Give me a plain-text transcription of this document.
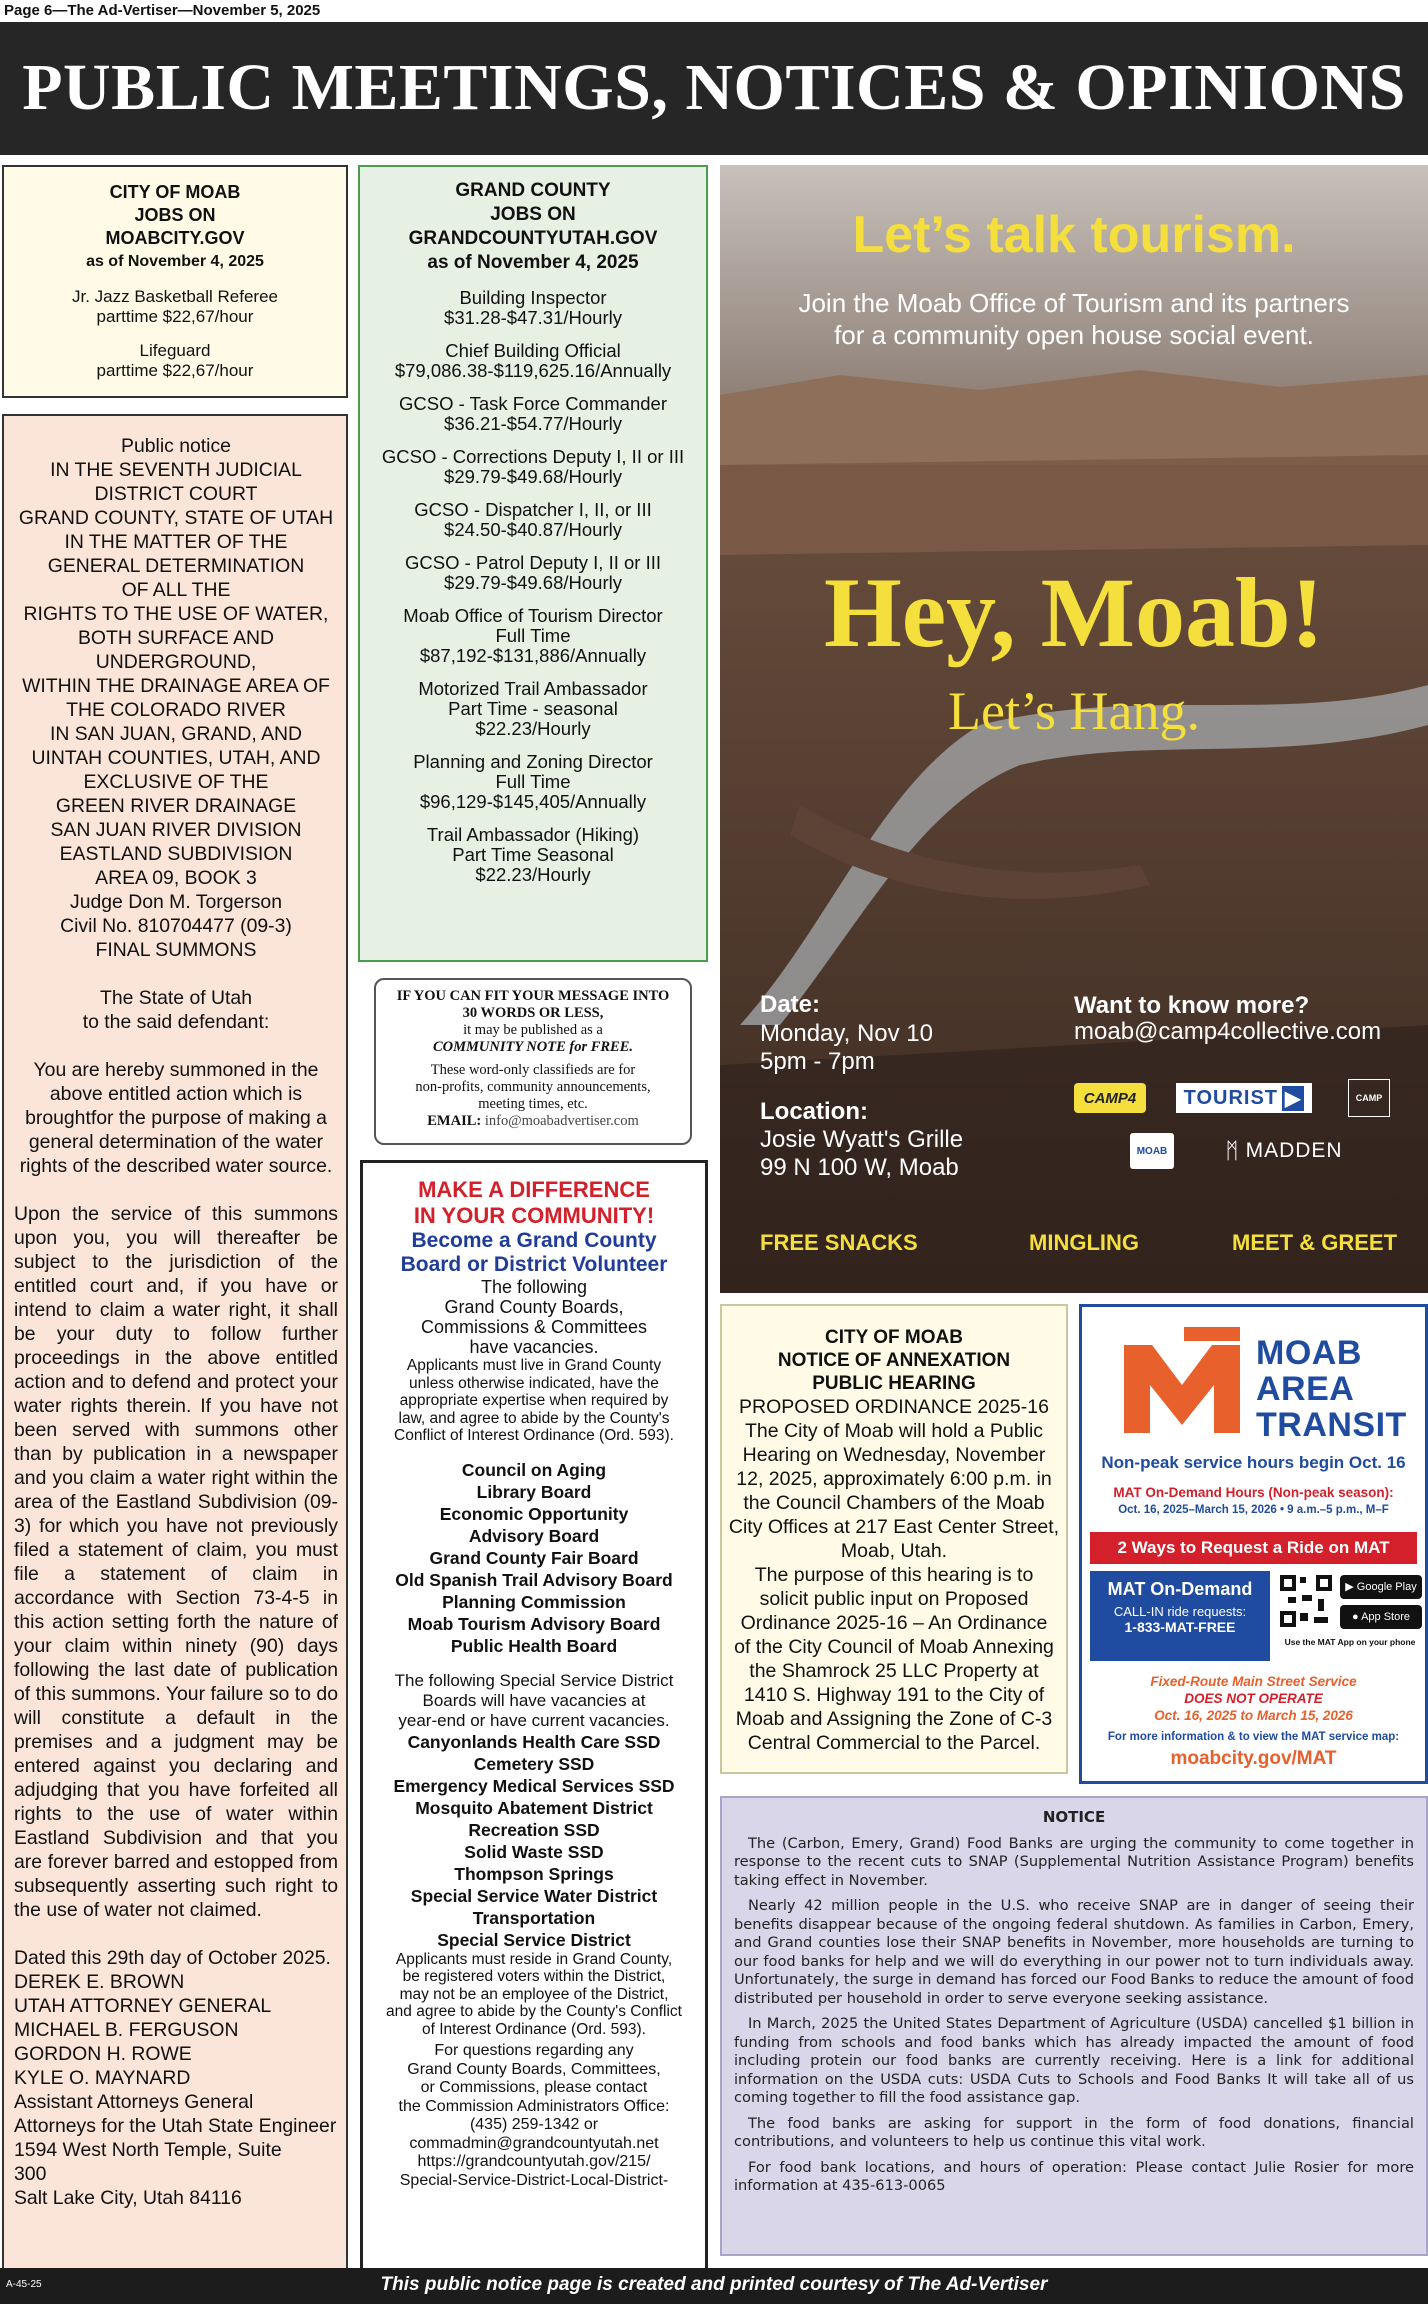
Page 6—The Ad-Vertiser—November 5, 2025
PUBLIC MEETINGS, NOTICES & OPINIONS
CITY OF MOAB
JOBS ON
MOABCITY.GOV
as of November 4, 2025
Jr. Jazz Basketball Referee
parttime $22,67/hour
Lifeguard
parttime $22,67/hour
Public notice
IN THE SEVENTH JUDICIAL
DISTRICT COURT
GRAND COUNTY, STATE OF UTAH
IN THE MATTER OF THE
GENERAL DETERMINATION
OF ALL THE
RIGHTS TO THE USE OF WATER,
BOTH SURFACE AND
UNDERGROUND,
WITHIN THE DRAINAGE AREA OF
THE COLORADO RIVER
IN SAN JUAN, GRAND, AND
UINTAH COUNTIES, UTAH, AND
EXCLUSIVE OF THE
GREEN RIVER DRAINAGE
SAN JUAN RIVER DIVISION
EASTLAND SUBDIVISION
AREA 09, BOOK 3
Judge Don M. Torgerson
Civil No. 810704477 (09-3)
FINAL SUMMONS
The State of Utah
to the said defendant:
You are hereby summoned in the above entitled action which is broughtfor the purpose of making a general determination of the water rights of the described water source.
Upon the service of this summons upon you, you will thereafter be subject to the jurisdiction of the entitled court and, if you have or intend to claim a water right, it shall be your duty to follow further proceedings in the above entitled action and to defend and protect your water rights therein. If you have not been served with summons other than by publication in a newspaper and you claim a water right within the area of the Eastland Subdivision (09-3) for which you have not previously filed a statement of claim, you must file a statement of claim in accordance with Section 73-4-5 in this action setting forth the nature of your claim within ninety (90) days following the last date of publication of this summons. Your failure so to do will constitute a default in the premises and a judgment may be entered against you declaring and adjudging that you have forfeited all rights to the use of water within Eastland Subdivision and that you are forever barred and estopped from subsequently asserting such right to the use of water not claimed.
Dated this 29th day of October 2025.
DEREK E. BROWN
UTAH ATTORNEY GENERAL
MICHAEL B. FERGUSON
GORDON H. ROWE
KYLE O. MAYNARD
Assistant Attorneys General
Attorneys for the Utah State Engineer
1594 West North Temple, Suite
300
Salt Lake City, Utah 84116
GRAND COUNTY
JOBS ON
GRANDCOUNTYUTAH.GOV
as of November 4, 2025
Building Inspector
$31.28-$47.31/Hourly
Chief Building Official
$79,086.38-$119,625.16/Annually
GCSO - Task Force Commander
$36.21-$54.77/Hourly
GCSO - Corrections Deputy I, II or III
$29.79-$49.68/Hourly
GCSO - Dispatcher I, II, or III
$24.50-$40.87/Hourly
GCSO - Patrol Deputy I, II or III
$29.79-$49.68/Hourly
Moab Office of Tourism Director
Full Time
$87,192-$131,886/Annually
Motorized Trail Ambassador
Part Time - seasonal
$22.23/Hourly
Planning and Zoning Director
Full Time
$96,129-$145,405/Annually
Trail Ambassador (Hiking)
Part Time Seasonal
$22.23/Hourly
IF YOU CAN FIT YOUR MESSAGE INTO
30 WORDS OR LESS,
it may be published as a
COMMUNITY NOTE for FREE.
These word-only classifieds are for
non-profits, community announcements,
meeting times, etc.
EMAIL: info@moabadvertiser.com
MAKE A DIFFERENCE
IN YOUR COMMUNITY!
Become a Grand County
Board or District Volunteer
The following
Grand County Boards,
Commissions & Committees
have vacancies.
Applicants must live in Grand County
unless otherwise indicated, have the
appropriate expertise when required by
law, and agree to abide by the County's
Conflict of Interest Ordinance (Ord. 593).
Council on Aging
Library Board
Economic Opportunity
Advisory Board
Grand County Fair Board
Old Spanish Trail Advisory Board
Planning Commission
Moab Tourism Advisory Board
Public Health Board
The following Special Service District
Boards will have vacancies at
year-end or have current vacancies.
Canyonlands Health Care SSD
Cemetery SSD
Emergency Medical Services SSD
Mosquito Abatement District
Recreation SSD
Solid Waste SSD
Thompson Springs
Special Service Water District
Transportation
Special Service District
Applicants must reside in Grand County,
be registered voters within the District,
may not be an employee of the District,
and agree to abide by the County's Conflict
of Interest Ordinance (Ord. 593).
For questions regarding any
Grand County Boards, Committees,
or Commissions, please contact
the Commission Administrators Office:
(435) 259-1342 or
commadmin@grandcountyutah.net
https://grandcountyutah.gov/215/
Special-Service-District-Local-District-
Let’s talk tourism.
Join the Moab Office of Tourism and its partners
for a community open house social event.
Hey, Moab!
Let’s Hang.
Date:
Monday, Nov 10
5pm - 7pm
Location:
Josie Wyatt's Grille
99 N 100 W, Moab
Want to know more?
moab@camp4collective.com
CAMP4	TOURIST ▶	CAMP
MOAB	ᛗ MADDEN
FREE SNACKS	MINGLING	MEET & GREET
CITY OF MOAB
NOTICE OF ANNEXATION
PUBLIC HEARING
PROPOSED ORDINANCE 2025-16
The City of Moab will hold a Public
Hearing on Wednesday, November
12, 2025, approximately 6:00 p.m. in
the Council Chambers of the Moab
City Offices at 217 East Center Street,
Moab, Utah.
The purpose of this hearing is to
solicit public input on Proposed
Ordinance 2025-16 – An Ordinance
of the City Council of Moab Annexing
the Shamrock 25 LLC Property at
1410 S. Highway 191 to the City of
Moab and Assigning the Zone of C-3
Central Commercial to the Parcel.
MOAB
AREA
TRANSIT
Non-peak service hours begin Oct. 16
MAT On-Demand Hours (Non-peak season):
Oct. 16, 2025–March 15, 2026 • 9 a.m.–5 p.m., M–F
2 Ways to Request a Ride on MAT
MAT On-Demand
CALL-IN ride requests:
1-833-MAT-FREE
▶ Google Play
● App Store
Use the MAT App on your phone
Fixed-Route Main Street Service
DOES NOT OPERATE
Oct. 16, 2025 to March 15, 2026
For more information & to view the MAT service map:
moabcity.gov/MAT
NOTICE

The (Carbon, Emery, Grand) Food Banks are urging the community to come together in response to the recent cuts to SNAP (Supplemental Nutrition Assistance Program) benefits taking effect in November.

Nearly 42 million people in the U.S. who receive SNAP are in danger of seeing their benefits disappear because of the ongoing federal shutdown. As families in Carbon, Emery, and Grand counties lose their SNAP benefits in November, more households are turning to our food banks for help and we will do everything in our power not to turn individuals away. Unfortunately, the surge in demand has forced our Food Banks to reduce the amount of food distributed per household in order to serve everyone seeking assistance.

In March, 2025 the United States Department of Agriculture (USDA) cancelled $1 billion in funding from schools and food banks which has already impacted the amount of food including protein our food banks are currently receiving. Here is a link for additional information on the USDA cuts: USDA Cuts to Schools and Food Banks It will take all of us coming together to fill the food assistance gap.

The food banks are asking for support in the form of food donations, financial contributions, and volunteers to help us continue this vital work.

For food bank locations, and hours of operation: Please contact Julie Rosier for more information at 435-613-0065

A-45-25	This public notice page is created and printed courtesy of The Ad-Vertiser
